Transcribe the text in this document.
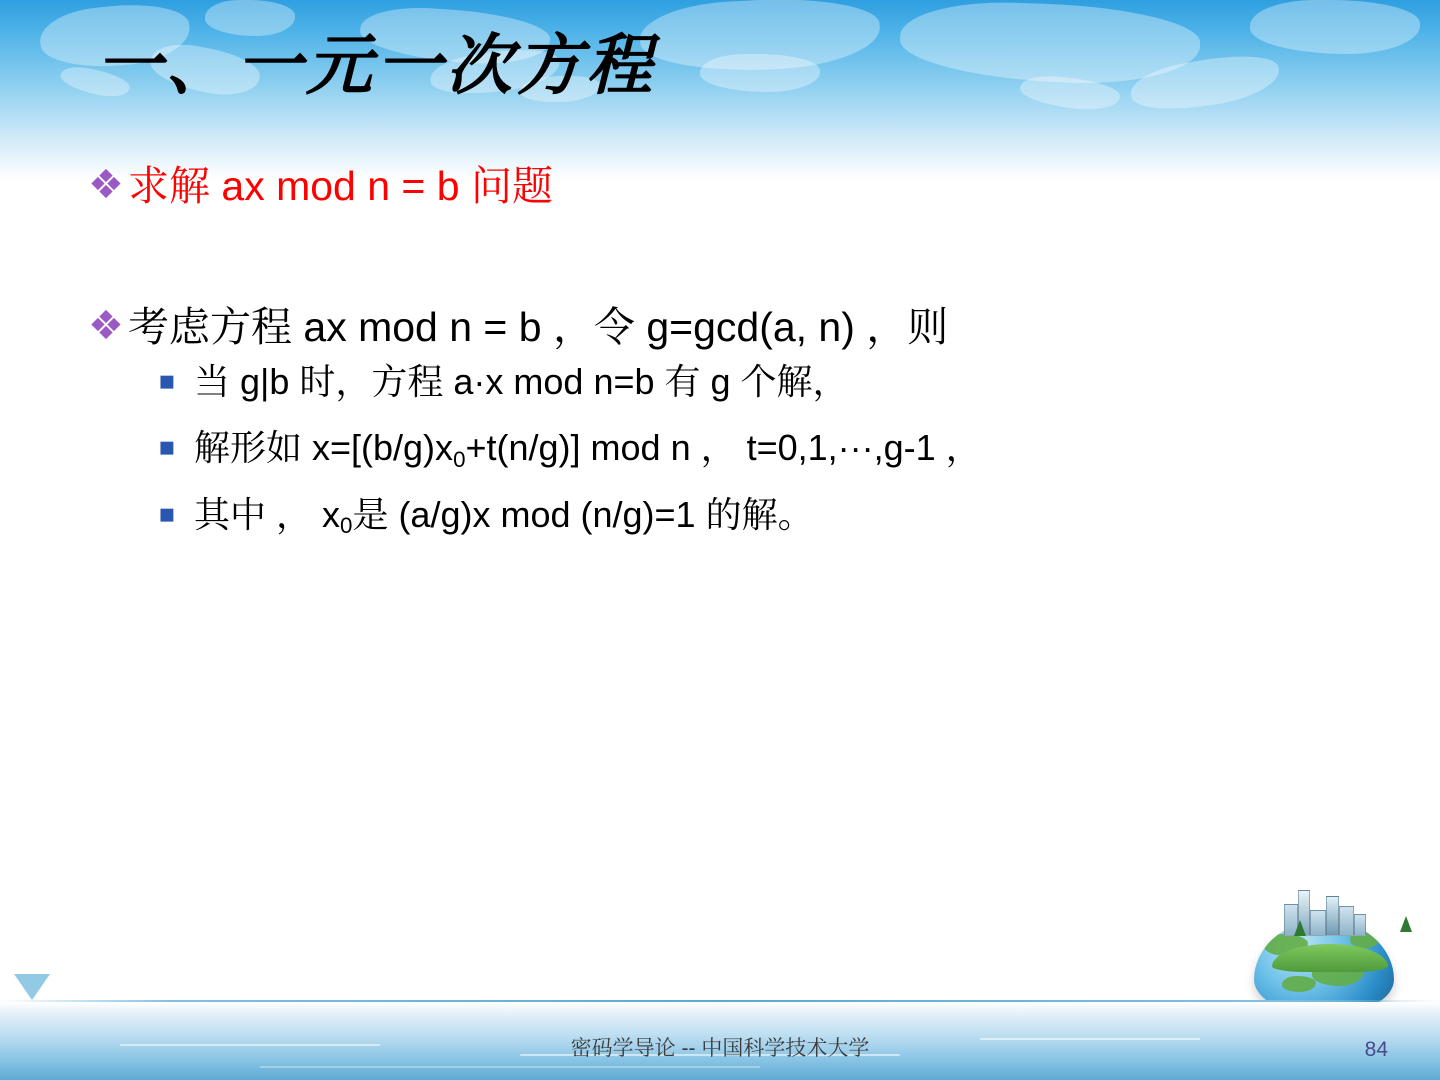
一、一元一次方程
❖ 求解 ax mod n = b 问题
❖ 考虑方程 ax mod n = b ，令 g=gcd(a, n) ，则
▪ 当 g|b 时，方程 a·x mod n=b 有 g 个解，
▪ 解形如 $x=[(b/g)x_0+t(n/g)]$ mod n ， t=0,1,···,g-1 ，
▪ 其中 ， $x_0$是 (a/g)x mod (n/g)=1 的解。
密码学导论 -- 中国科学技术大学	84
